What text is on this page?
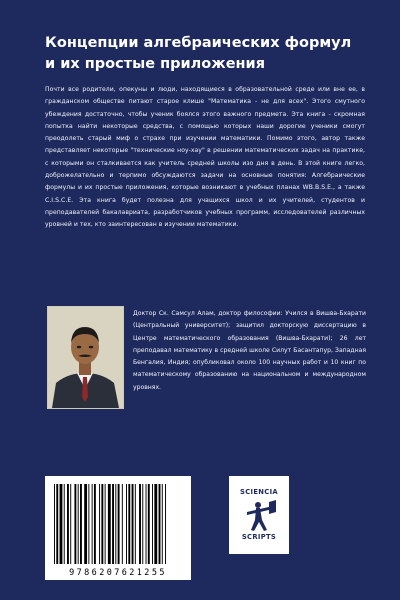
Концепции алгебраических формул и их простые приложения
Почти все родители, опекуны и люди, находящиеся в образовательной среде или вне ее, в гражданском обществе питают старое клише "Математика - не для всех". Этого смутного убеждения достаточно, чтобы ученик боялся этого важного предмета. Эта книга - скромная попытка найти некоторые средства, с помощью которых наши дорогие ученики смогут преодолеть старый миф о страхе при изучении математики. Помимо этого, автор также представляет некоторые "технические ноу-хау" в решении математических задач на практике, с которыми он сталкивается как учитель средней школы изо дня в день. В этой книге легко, доброжелательно и терпимо обсуждаются задачи на основные понятия: Алгебраические формулы и их простые приложения, которые возникают в учебных планах WB.B.S.E., а также C.I.S.C.E. Эта книга будет полезна для учащихся школ и их учителей, студентов и преподавателей бакалавриата, разработчиков учебных программ, исследователей различных уровней и тех, кто заинтересован в изучении математики.
Доктор Ск. Самсул Алам, доктор философии: Учился в Вишва-Бхарати (Центральный университет); защитил докторскую диссертацию в Центре математического образования (Вишва-Бхарати); 26 лет преподавал математику в средней школе Силут Басантапур, Западная Бенгалия, Индия; опубликовал около 100 научных работ и 10 книг по математическому образованию на национальном и международном уровнях.
9786207621255
SCIENCIA
SCRIPTS
